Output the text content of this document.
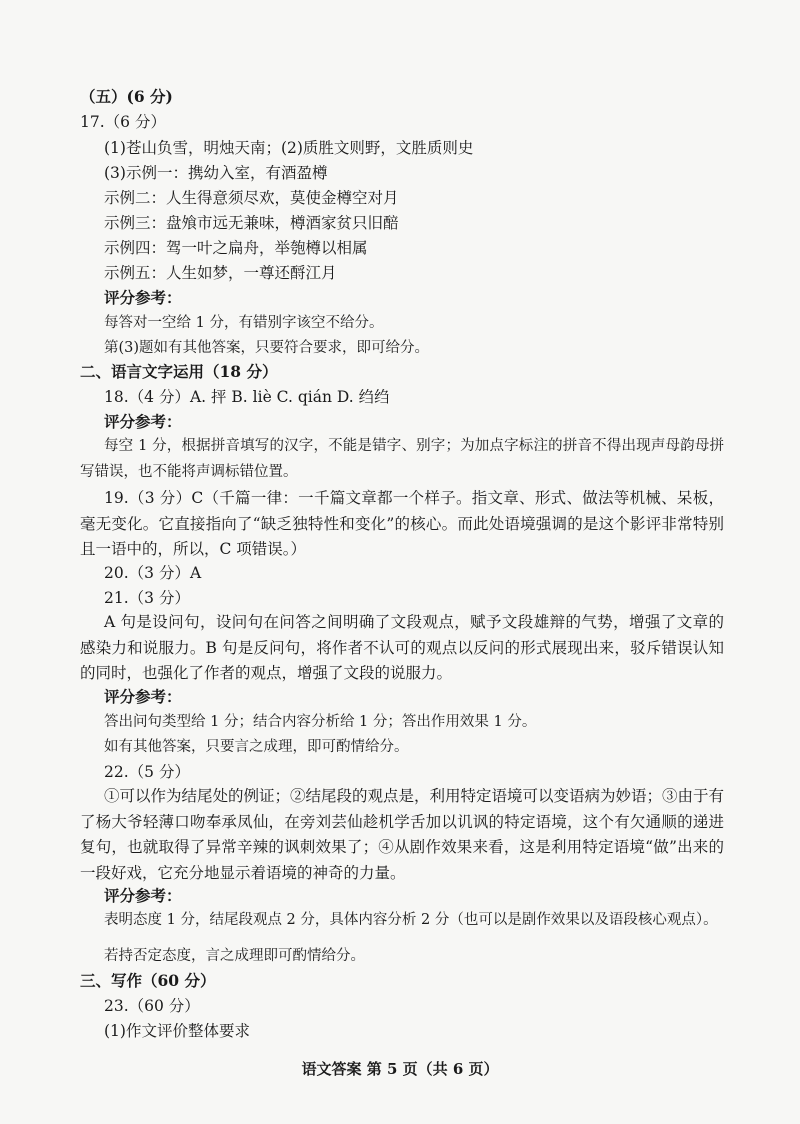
（五）(6 分)
17.（6 分）
(1)苍山负雪，明烛天南；(2)质胜文则野，文胜质则史
(3)示例一：携幼入室，有酒盈樽
示例二：人生得意须尽欢，莫使金樽空对月
示例三：盘飧市远无兼味，樽酒家贫只旧醅
示例四：驾一叶之扁舟，举匏樽以相属
示例五：人生如梦，一尊还酹江月
评分参考：
每答对一空给 1 分，有错别字该空不给分。
第(3)题如有其他答案，只要符合要求，即可给分。
二、语言文字运用（18 分）
18.（4 分）A. 抨 B. liè C. qián D. 绉绉
评分参考：
每空 1 分，根据拼音填写的汉字，不能是错字、别字；为加点字标注的拼音不得出现声母韵母拼写错误，也不能将声调标错位置。
19.（3 分）C（千篇一律：一千篇文章都一个样子。指文章、形式、做法等机械、呆板，毫无变化。它直接指向了“缺乏独特性和变化”的核心。而此处语境强调的是这个影评非常特别且一语中的，所以，C 项错误。）
20.（3 分）A
21.（3 分）
A 句是设问句，设问句在问答之间明确了文段观点，赋予文段雄辩的气势，增强了文章的感染力和说服力。B 句是反问句，将作者不认可的观点以反问的形式展现出来，驳斥错误认知的同时，也强化了作者的观点，增强了文段的说服力。
评分参考：
答出问句类型给 1 分；结合内容分析给 1 分；答出作用效果 1 分。
如有其他答案，只要言之成理，即可酌情给分。
22.（5 分）
①可以作为结尾处的例证；②结尾段的观点是，利用特定语境可以变语病为妙语；③由于有了杨大爷轻薄口吻奉承凤仙，在旁刘芸仙趁机学舌加以讥讽的特定语境，这个有欠通顺的递进复句，也就取得了异常辛辣的讽刺效果了；④从剧作效果来看，这是利用特定语境“做”出来的一段好戏，它充分地显示着语境的神奇的力量。
评分参考：
表明态度 1 分，结尾段观点 2 分，具体内容分析 2 分（也可以是剧作效果以及语段核心观点）。
若持否定态度，言之成理即可酌情给分。
三、写作（60 分）
23.（60 分）
(1)作文评价整体要求
语文答案 第 5 页（共 6 页）
